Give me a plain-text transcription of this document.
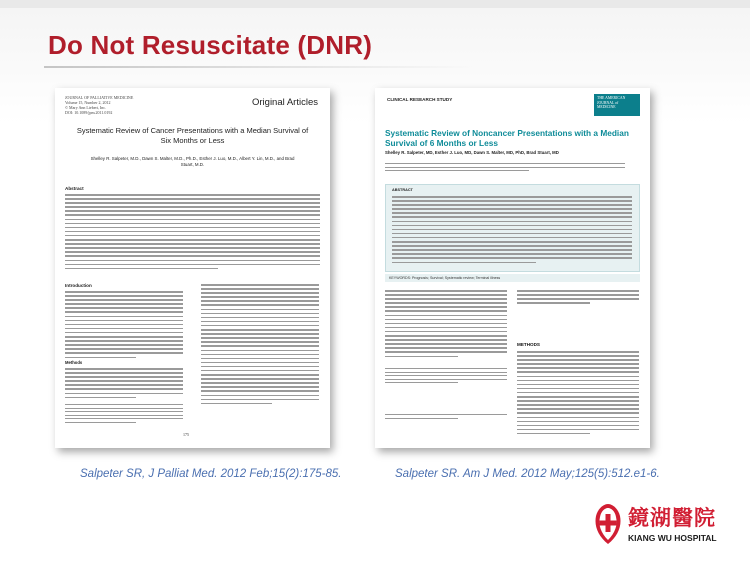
Do Not Resuscitate (DNR)
JOURNAL OF PALLIATIVE MEDICINE
Volume 15, Number 2, 2012
© Mary Ann Liebert, Inc.
DOI: 10.1089/jpm.2011.0192
Original Articles
Systematic Review of Cancer Presentations with a Median Survival of Six Months or Less
Shelley R. Salpeter, M.D., Dawn S. Malter, M.D., Ph.D., Esther J. Luo, M.D., Albert Y. Lin, M.D., and Brad Stuart, M.D.
Abstract
Introduction
Methods
175
CLINICAL RESEARCH STUDY	THE AMERICAN
JOURNAL of
MEDICINE
Systematic Review of Noncancer Presentations with a Median Survival of 6 Months or Less
Shelley R. Salpeter, MD, Esther J. Luo, MD, Dawn S. Malter, MD, PhD, Brad Stuart, MD
ABSTRACT
KEYWORDS: Prognosis; Survival; Systematic review; Terminal illness
METHODS
Salpeter SR, J Palliat Med. 2012 Feb;15(2):175-85.	Salpeter SR. Am J Med. 2012 May;125(5):512.e1-6.
鏡湖醫院
KIANG WU HOSPITAL
